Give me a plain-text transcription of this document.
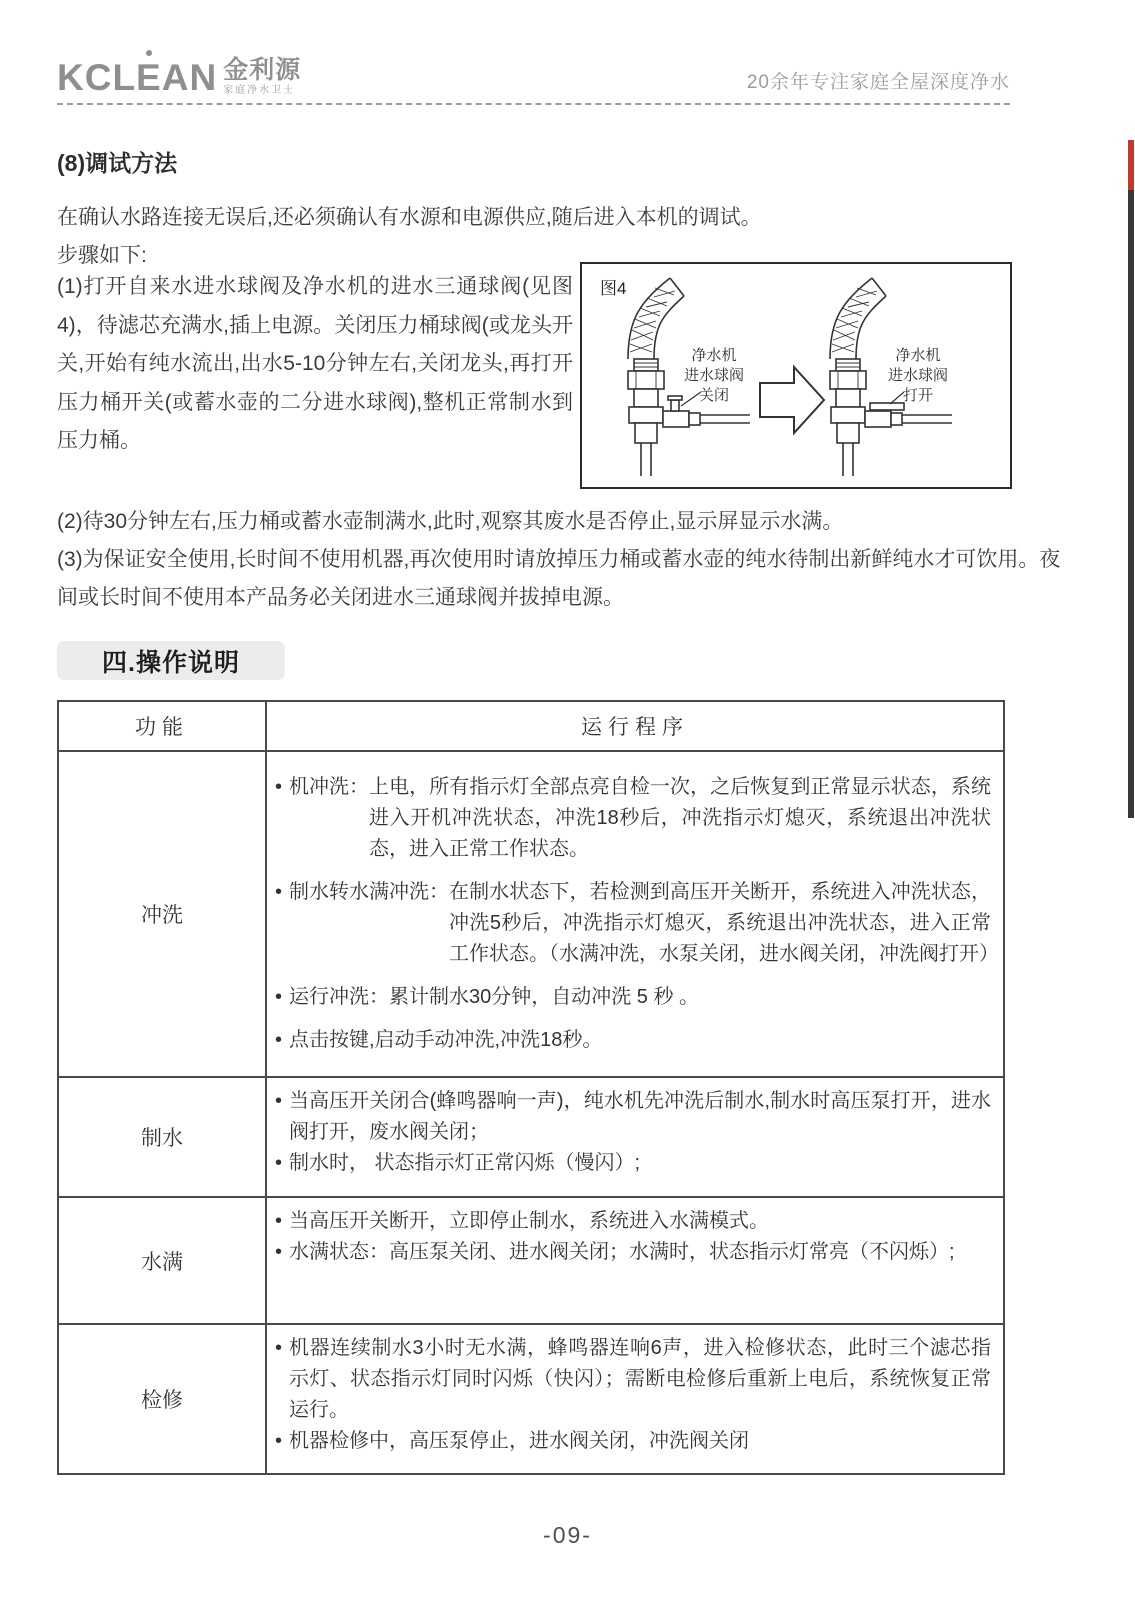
KCL E AN 金利源
家庭净水卫士	20余年专注家庭全屋深度净水
(8)调试方法
在确认水路连接无误后,还必须确认有水源和电源供应,随后进入本机的调试。
步骤如下:
(1)打开自来水进水球阀及净水机的进水三通球阀(见图4)，待滤芯充满水,插上电源。关闭压力桶球阀(或龙头开关,开始有纯水流出,出水5-10分钟左右,关闭龙头,再打开压力桶开关(或蓄水壶的二分进水球阀),整机正常制水到压力桶。
(2)待30分钟左右,压力桶或蓄水壶制满水,此时,观察其废水是否停止,显示屏显示水满。
(3)为保证安全使用,长时间不使用机器,再次使用时请放掉压力桶或蓄水壶的纯水待制出新鲜纯水才可饮用。夜间或长时间不使用本产品务必关闭进水三通球阀并拔掉电源。
图4
净水机
进水球阀
关闭
净水机
进水球阀
打开
四.操作说明
功能	运行程序
冲洗
• 机冲洗： 上电，所有指示灯全部点亮自检一次，之后恢复到正常显示状态，系统进入开机冲洗状态，冲洗18秒后，冲洗指示灯熄灭，系统退出冲洗状态，进入正常工作状态。
• 制水转水满冲洗： 在制水状态下，若检测到高压开关断开，系统进入冲洗状态，冲洗5秒后，冲洗指示灯熄灭，系统退出冲洗状态，进入正常工作状态。（水满冲洗，水泵关闭，进水阀关闭，冲洗阀打开）
• 运行冲洗： 累计制水30分钟，自动冲洗 5 秒 。
• 点击按键,启动手动冲洗,冲洗18秒。
制水
• 当高压开关闭合(蜂鸣器响一声)，纯水机先冲洗后制水,制水时高压泵打开，进水阀打开，废水阀关闭；
• 制水时， 状态指示灯正常闪烁（慢闪）;
水满
• 当高压开关断开，立即停止制水，系统进入水满模式。
• 水满状态： 高压泵关闭、进水阀关闭；水满时，状态指示灯常亮（不闪烁）;
检修
• 机器连续制水3小时无水满，蜂鸣器连响6声，进入检修状态，此时三个滤芯指示灯、状态指示灯同时闪烁（快闪）；需断电检修后重新上电后，系统恢复正常运行。
• 机器检修中，高压泵停止，进水阀关闭，冲洗阀关闭
-09-
